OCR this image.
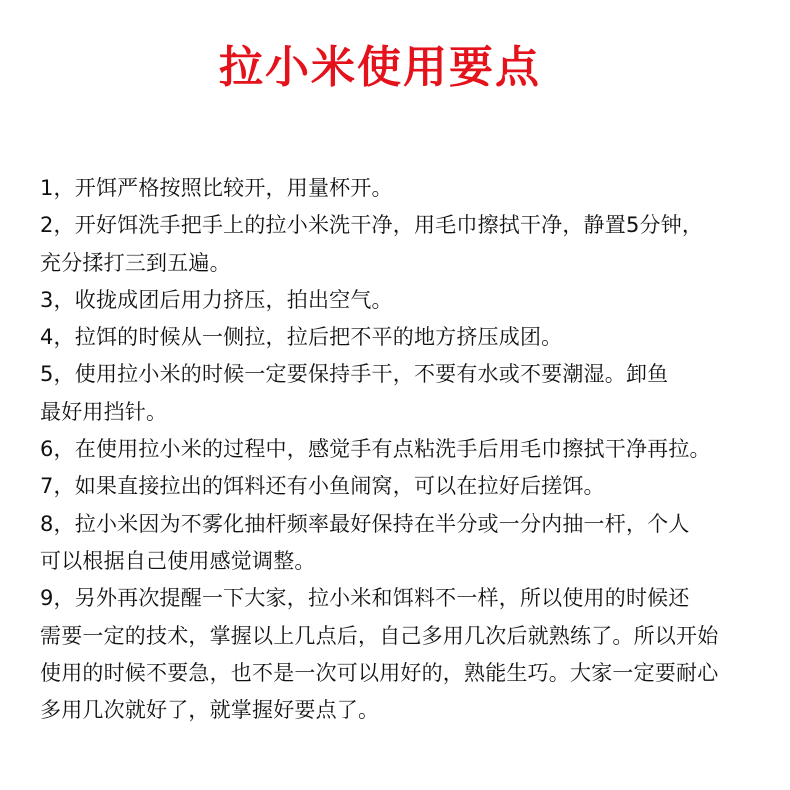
拉小米使用要点
1，开饵严格按照比较开，用量杯开。
2，开好饵洗手把手上的拉小米洗干净，用毛巾擦拭干净，静置5分钟，
充分揉打三到五遍。
3，收拢成团后用力挤压，拍出空气。
4，拉饵的时候从一侧拉，拉后把不平的地方挤压成团。
5，使用拉小米的时候一定要保持手干，不要有水或不要潮湿。卸鱼
最好用挡针。
6，在使用拉小米的过程中，感觉手有点粘洗手后用毛巾擦拭干净再拉。
7，如果直接拉出的饵料还有小鱼闹窝，可以在拉好后搓饵。
8，拉小米因为不雾化抽杆频率最好保持在半分或一分内抽一杆，个人
可以根据自己使用感觉调整。
9，另外再次提醒一下大家，拉小米和饵料不一样，所以使用的时候还
需要一定的技术，掌握以上几点后，自己多用几次后就熟练了。所以开始
使用的时候不要急，也不是一次可以用好的，熟能生巧。大家一定要耐心
多用几次就好了，就掌握好要点了。
